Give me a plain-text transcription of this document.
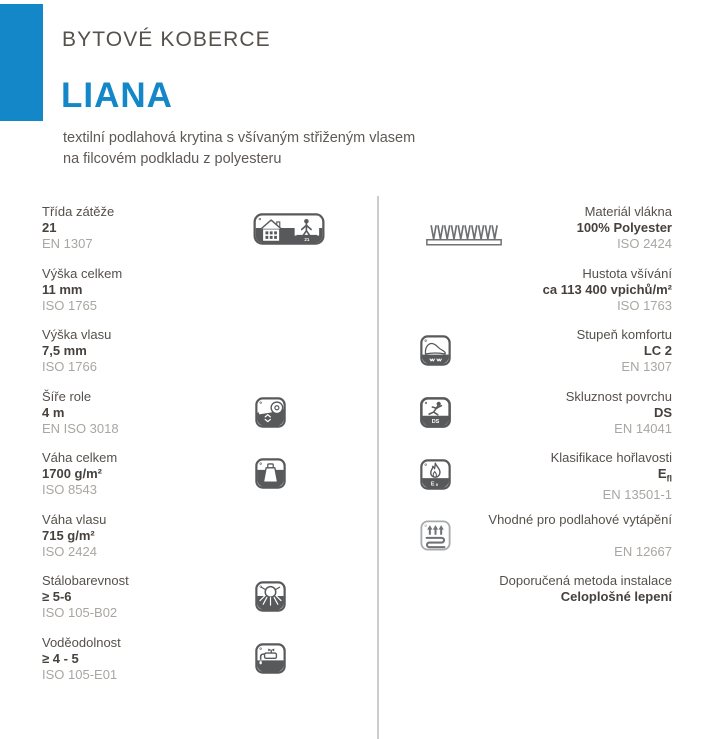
BYTOVÉ KOBERCE
LIANA
textilní podlahová krytina s všívaným střiženým vlasem
na filcovém podkladu z polyesteru
Třída zátěže
21
EN 1307
Výška celkem
11 mm
ISO 1765
Výška vlasu
7,5 mm
ISO 1766
Šíře role
4 m
EN ISO 3018
Váha celkem
1700 g/m²
ISO 8543
Váha vlasu
715 g/m²
ISO 2424
Stálobarevnost
≥ 5-6
ISO 105-B02
Voděodolnost
≥ 4 - 5
ISO 105-E01
Materiál vlákna
100% Polyester
ISO 2424
Hustota všívání
ca 113 400 vpichů/m²
ISO 1763
Stupeň komfortu
LC 2
EN 1307
Skluznost povrchu
DS
EN 14041
Klasifikace hořlavosti
$E_{fl}$
EN 13501-1
Vhodné pro podlahové vytápění
EN 12667
Doporučená metoda instalace
Celoplošné lepení
21
DS
E fl
